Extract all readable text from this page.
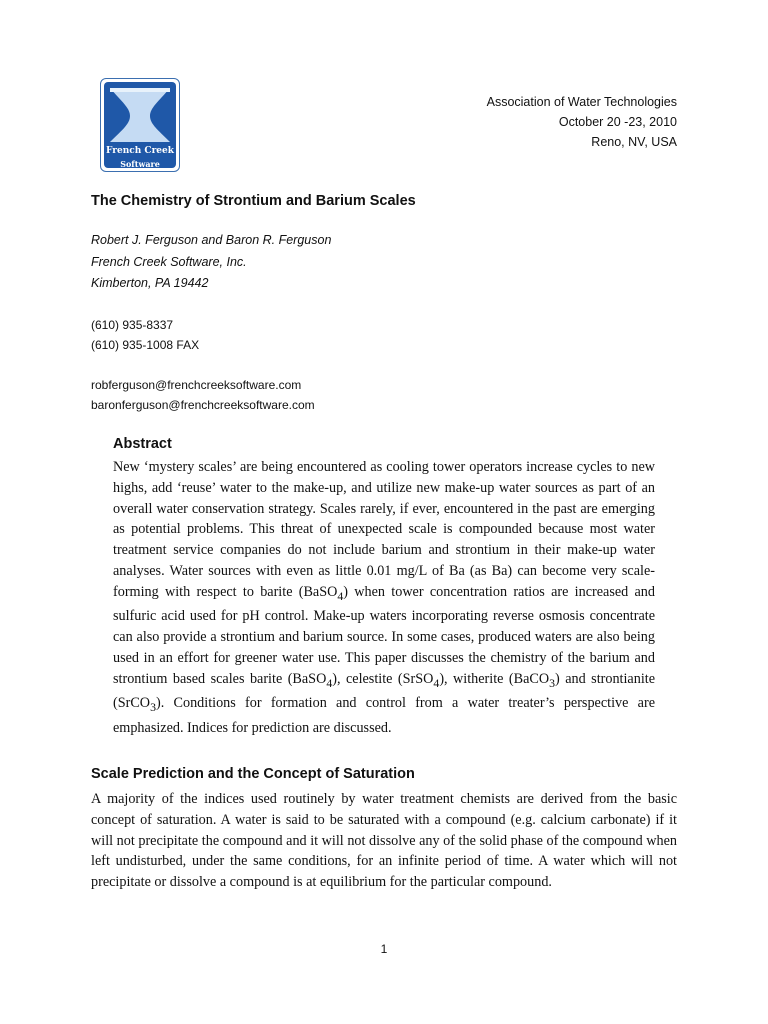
French Creek
Software
Association of Water Technologies
October 20 -23, 2010
Reno, NV, USA
The Chemistry of Strontium and Barium Scales
Robert J. Ferguson and Baron R. Ferguson
French Creek Software, Inc.
Kimberton, PA 19442
(610) 935-8337
(610) 935-1008 FAX
robferguson@frenchcreeksoftware.com
baronferguson@frenchcreeksoftware.com
Abstract
New ‘mystery scales’ are being encountered as cooling tower operators increase cycles to new highs, add ‘reuse’ water to the make-up, and utilize new make-up water sources as part of an overall water conservation strategy. Scales rarely, if ever, encountered in the past are emerging as potential problems. This threat of unexpected scale is compounded because most water treatment service companies do not include barium and strontium in their make-up water analyses. Water sources with even as little 0.01 mg/L of Ba (as Ba) can become very scale-forming with respect to barite (BaSO$_4$) when tower concentration ratios are increased and sulfuric acid used for pH control. Make-up waters incorporating reverse osmosis concentrate can also provide a strontium and barium source. In some cases, produced waters are also being used in an effort for greener water use. This paper discusses the chemistry of the barium and strontium based scales barite (BaSO$_4$), celestite (SrSO$_4$), witherite (BaCO$_3$) and strontianite (SrCO$_3$). Conditions for formation and control from a water treater’s perspective are emphasized. Indices for prediction are discussed.
Scale Prediction and the Concept of Saturation
A majority of the indices used routinely by water treatment chemists are derived from the basic concept of saturation. A water is said to be saturated with a compound (e.g. calcium carbonate) if it will not precipitate the compound and it will not dissolve any of the solid phase of the compound when left undisturbed, under the same conditions, for an infinite period of time. A water which will not precipitate or dissolve a compound is at equilibrium for the particular compound.
1
